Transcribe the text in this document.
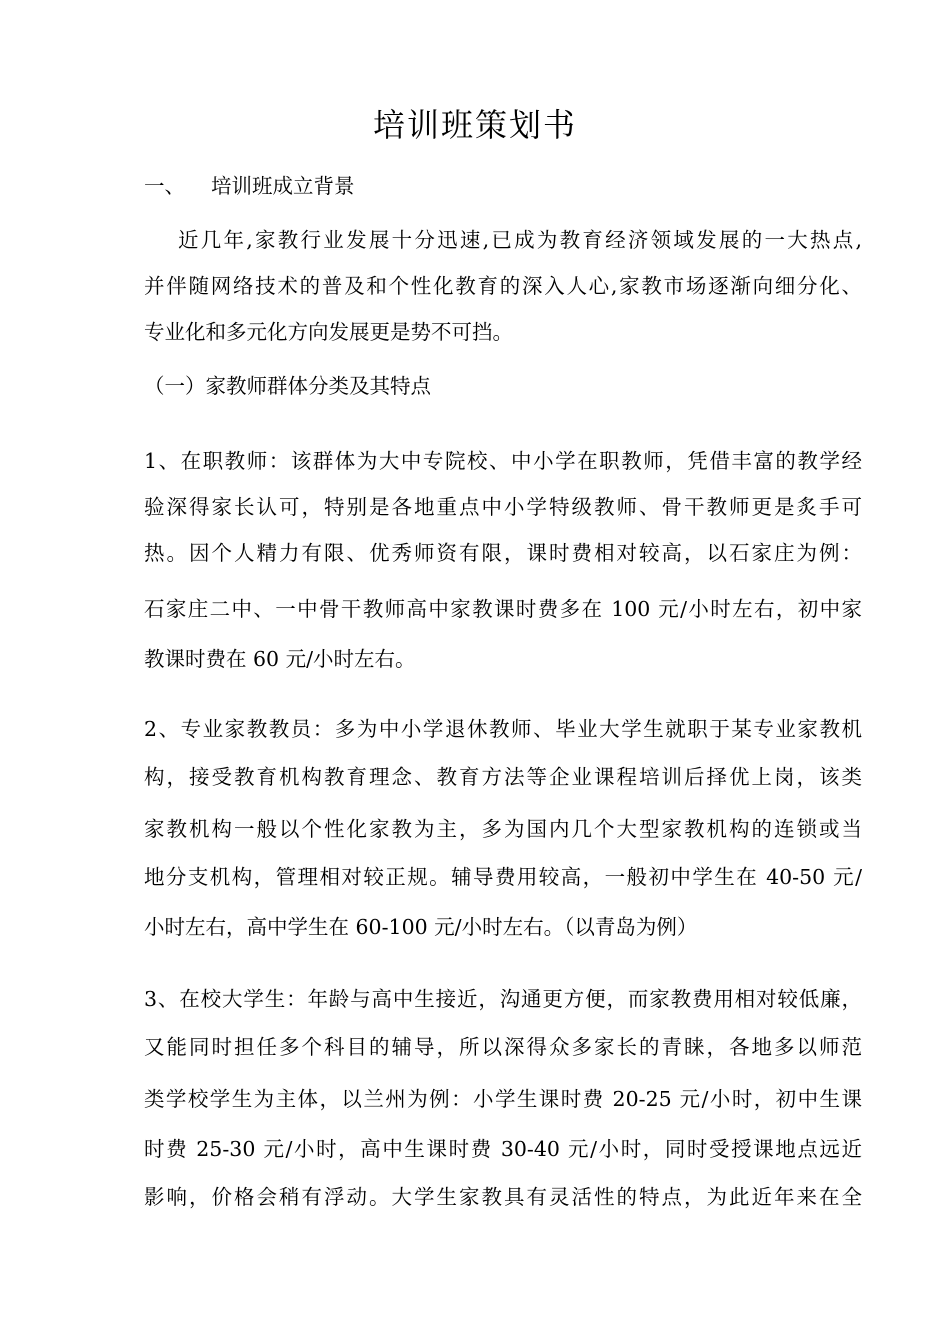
培训班策划书
一、 培训班成立背景
近几年,家教行业发展十分迅速,已成为教育经济领域发展的一大热点,
并伴随网络技术的普及和个性化教育的深入人心,家教市场逐渐向细分化、
专业化和多元化方向发展更是势不可挡。
（一）家教师群体分类及其特点
1、在职教师：该群体为大中专院校、中小学在职教师，凭借丰富的教学经
验深得家长认可，特别是各地重点中小学特级教师、骨干教师更是炙手可
热。因个人精力有限、优秀师资有限，课时费相对较高，以石家庄为例：
石家庄二中、一中骨干教师高中家教课时费多在 100 元/小时左右，初中家
教课时费在 60 元/小时左右。
2、专业家教教员：多为中小学退休教师、毕业大学生就职于某专业家教机
构，接受教育机构教育理念、教育方法等企业课程培训后择优上岗，该类
家教机构一般以个性化家教为主，多为国内几个大型家教机构的连锁或当
地分支机构，管理相对较正规。辅导费用较高，一般初中学生在 40-50 元/
小时左右，高中学生在 60-100 元/小时左右。（以青岛为例）
3、在校大学生：年龄与高中生接近，沟通更方便，而家教费用相对较低廉，
又能同时担任多个科目的辅导，所以深得众多家长的青睐，各地多以师范
类学校学生为主体，以兰州为例：小学生课时费 20-25 元/小时，初中生课
时费 25-30 元/小时，高中生课时费 30-40 元/小时，同时受授课地点远近
影响，价格会稍有浮动。大学生家教具有灵活性的特点，为此近年来在全
